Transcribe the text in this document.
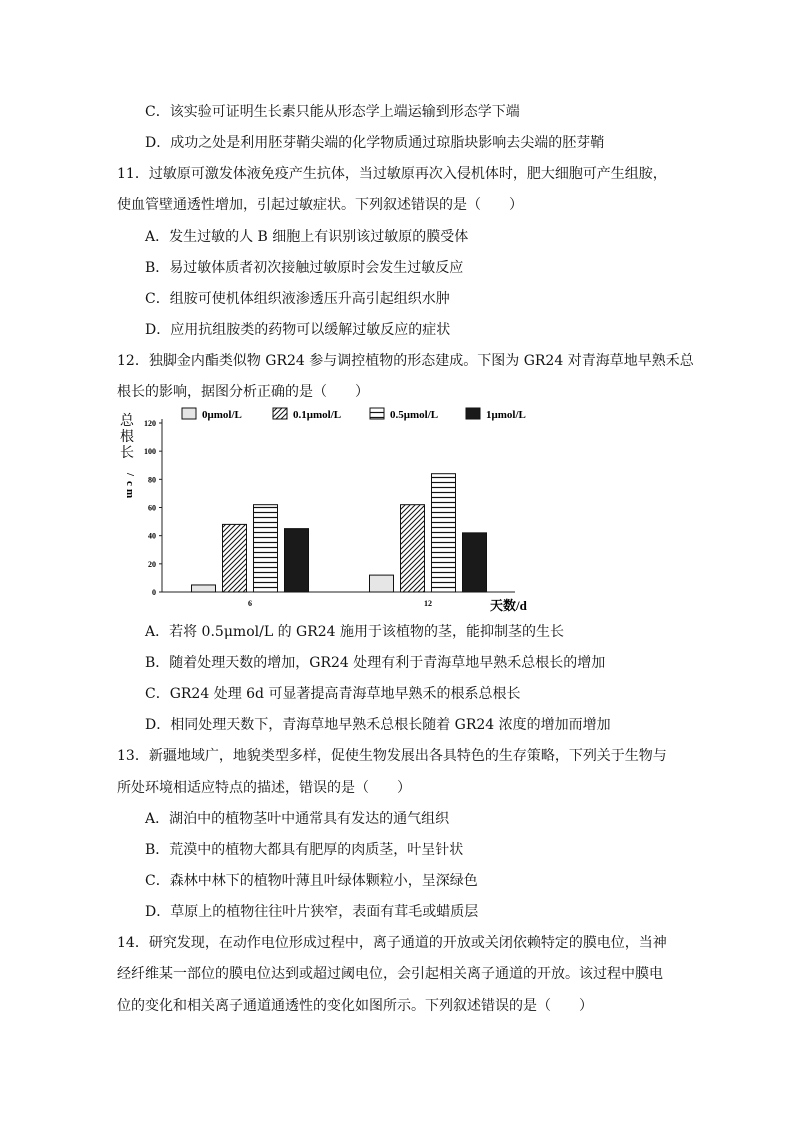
C．该实验可证明生长素只能从形态学上端运输到形态学下端
D．成功之处是利用胚芽鞘尖端的化学物质通过琼脂块影响去尖端的胚芽鞘
11．过敏原可激发体液免疫产生抗体，当过敏原再次入侵机体时，肥大细胞可产生组胺，
使血管壁通透性增加，引起过敏症状。下列叙述错误的是（　　）
A．发生过敏的人 B 细胞上有识别该过敏原的膜受体
B．易过敏体质者初次接触过敏原时会发生过敏反应
C．组胺可使机体组织液渗透压升高引起组织水肿
D．应用抗组胺类的药物可以缓解过敏反应的症状
12．独脚金内酯类似物 GR24 参与调控植物的形态建成。下图为 GR24 对青海草地早熟禾总
根长的影响，据图分析正确的是（　　）
总
根
长
/
c
m
0μmol/L	0.1μmol/L	0.5μmol/L	1μmol/L
0
20
40
60
80
100
120
6	12	天数/d
A．若将 0.5μmol/L 的 GR24 施用于该植物的茎，能抑制茎的生长
B．随着处理天数的增加，GR24 处理有利于青海草地早熟禾总根长的增加
C．GR24 处理 6d 可显著提高青海草地早熟禾的根系总根长
D．相同处理天数下，青海草地早熟禾总根长随着 GR24 浓度的增加而增加
13．新疆地域广，地貌类型多样，促使生物发展出各具特色的生存策略，下列关于生物与
所处环境相适应特点的描述，错误的是（　　）
A．湖泊中的植物茎叶中通常具有发达的通气组织
B．荒漠中的植物大都具有肥厚的肉质茎，叶呈针状
C．森林中林下的植物叶薄且叶绿体颗粒小，呈深绿色
D．草原上的植物往往叶片狭窄，表面有茸毛或蜡质层
14．研究发现，在动作电位形成过程中，离子通道的开放或关闭依赖特定的膜电位，当神
经纤维某一部位的膜电位达到或超过阈电位，会引起相关离子通道的开放。该过程中膜电
位的变化和相关离子通道通透性的变化如图所示。下列叙述错误的是（　　）
